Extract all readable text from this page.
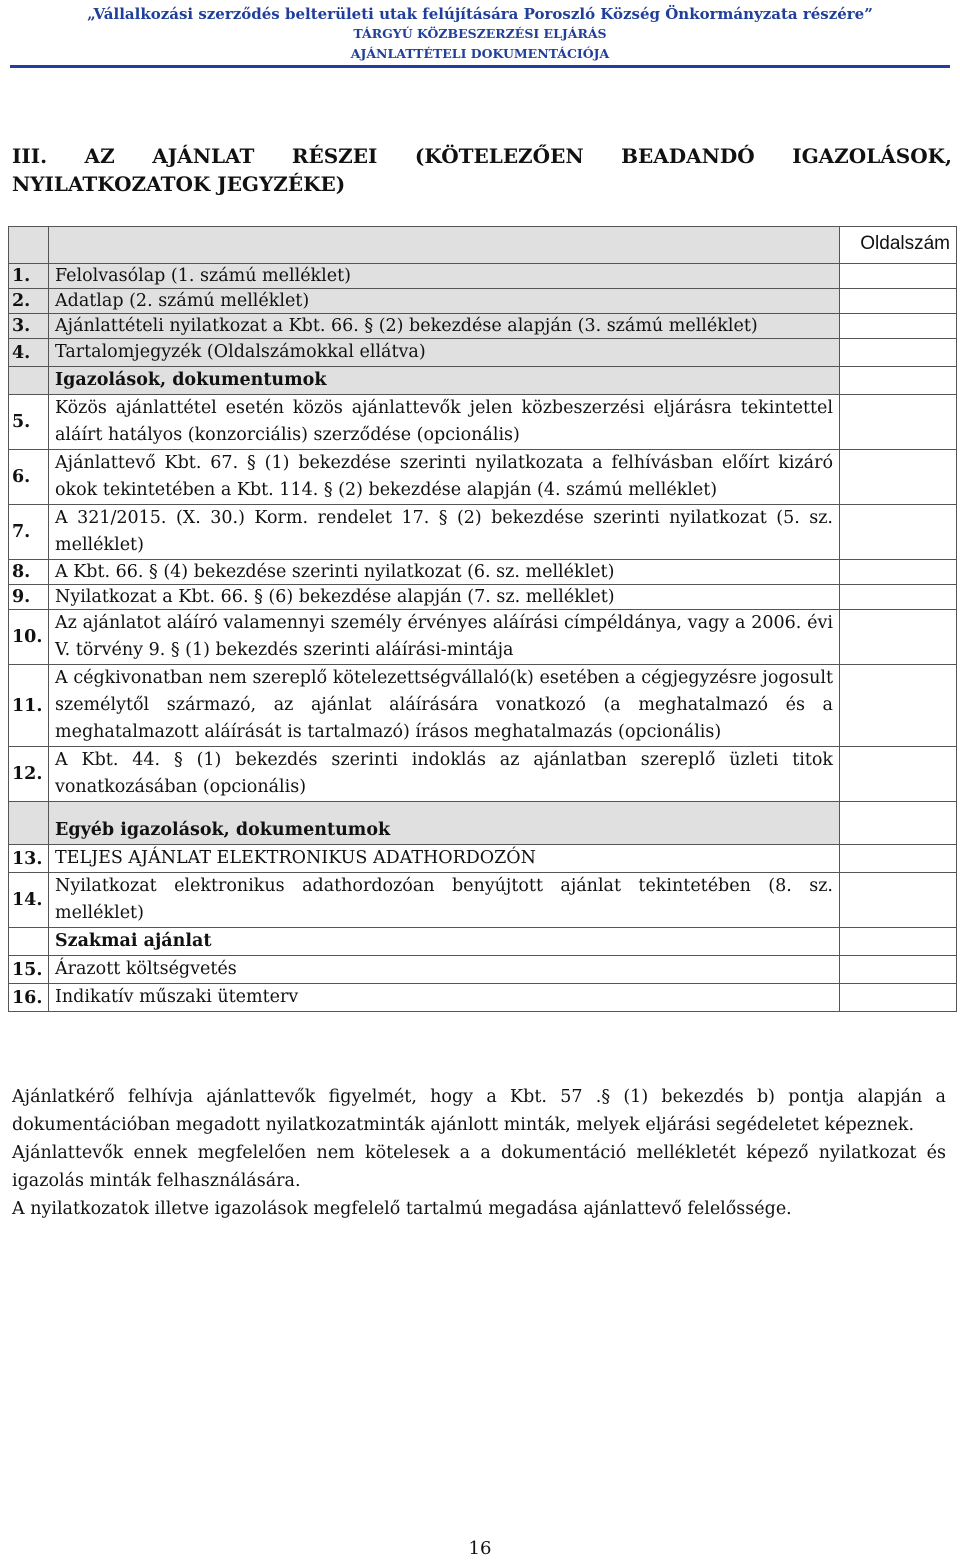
„Vállalkozási szerződés belterületi utak felújítására Poroszló Község Önkormányzata részére”
TÁRGYÚ KÖZBESZERZÉSI ELJÁRÁS
AJÁNLATTÉTELI DOKUMENTÁCIÓJA
III. AZ AJÁNLAT RÉSZEI (KÖTELEZŐEN BEADANDÓ IGAZOLÁSOK, NYILATKOZATOK JEGYZÉKE)
		Oldalszám
1.	Felolvasólap (1. számú melléklet)	
2.	Adatlap (2. számú melléklet)	
3.	Ajánlattételi nyilatkozat a Kbt. 66. § (2) bekezdése alapján (3. számú melléklet)	
4.	Tartalomjegyzék (Oldalszámokkal ellátva)	
	Igazolások, dokumentumok	
5.	Közös ajánlattétel esetén közös ajánlattevők jelen közbeszerzési eljárásra tekintettel aláírt hatályos (konzorciális) szerződése (opcionális)	
6.	Ajánlattevő Kbt. 67. § (1) bekezdése szerinti nyilatkozata a felhívásban előírt kizáró okok tekintetében a Kbt. 114. § (2) bekezdése alapján (4. számú melléklet)	
7.	A 321/2015. (X. 30.) Korm. rendelet 17. § (2) bekezdése szerinti nyilatkozat (5. sz. melléklet)	
8.	A Kbt. 66. § (4) bekezdése szerinti nyilatkozat (6. sz. melléklet)	
9.	Nyilatkozat a Kbt. 66. § (6) bekezdése alapján (7. sz. melléklet)	
10.	Az ajánlatot aláíró valamennyi személy érvényes aláírási címpéldánya, vagy a 2006. évi V. törvény 9. § (1) bekezdés szerinti aláírási-mintája	
11.	A cégkivonatban nem szereplő kötelezettségvállaló(k) esetében a cégjegyzésre jogosult személytől származó, az ajánlat aláírására vonatkozó (a meghatalmazó és a meghatalmazott aláírását is tartalmazó) írásos meghatalmazás (opcionális)	
12.	A Kbt. 44. § (1) bekezdés szerinti indoklás az ajánlatban szereplő üzleti titok vonatkozásában (opcionális)	
	Egyéb igazolások, dokumentumok	
13.	TELJES AJÁNLAT ELEKTRONIKUS ADATHORDOZÓN	
14.	Nyilatkozat elektronikus adathordozóan benyújtott ajánlat tekintetében (8. sz. melléklet)	
	Szakmai ajánlat	
15.	Árazott költségvetés	
16.	Indikatív műszaki ütemterv	

Ajánlatkérő felhívja ajánlattevők figyelmét, hogy a Kbt. 57 .§ (1) bekezdés b) pontja alapján a dokumentációban megadott nyilatkozatminták ajánlott minták, melyek eljárási segédeletet képeznek.

Ajánlattevők ennek megfelelően nem kötelesek a a dokumentáció mellékletét képező nyilatkozat és igazolás minták felhasználására.

A nyilatkozatok illetve igazolások megfelelő tartalmú megadása ajánlattevő felelőssége.

16
